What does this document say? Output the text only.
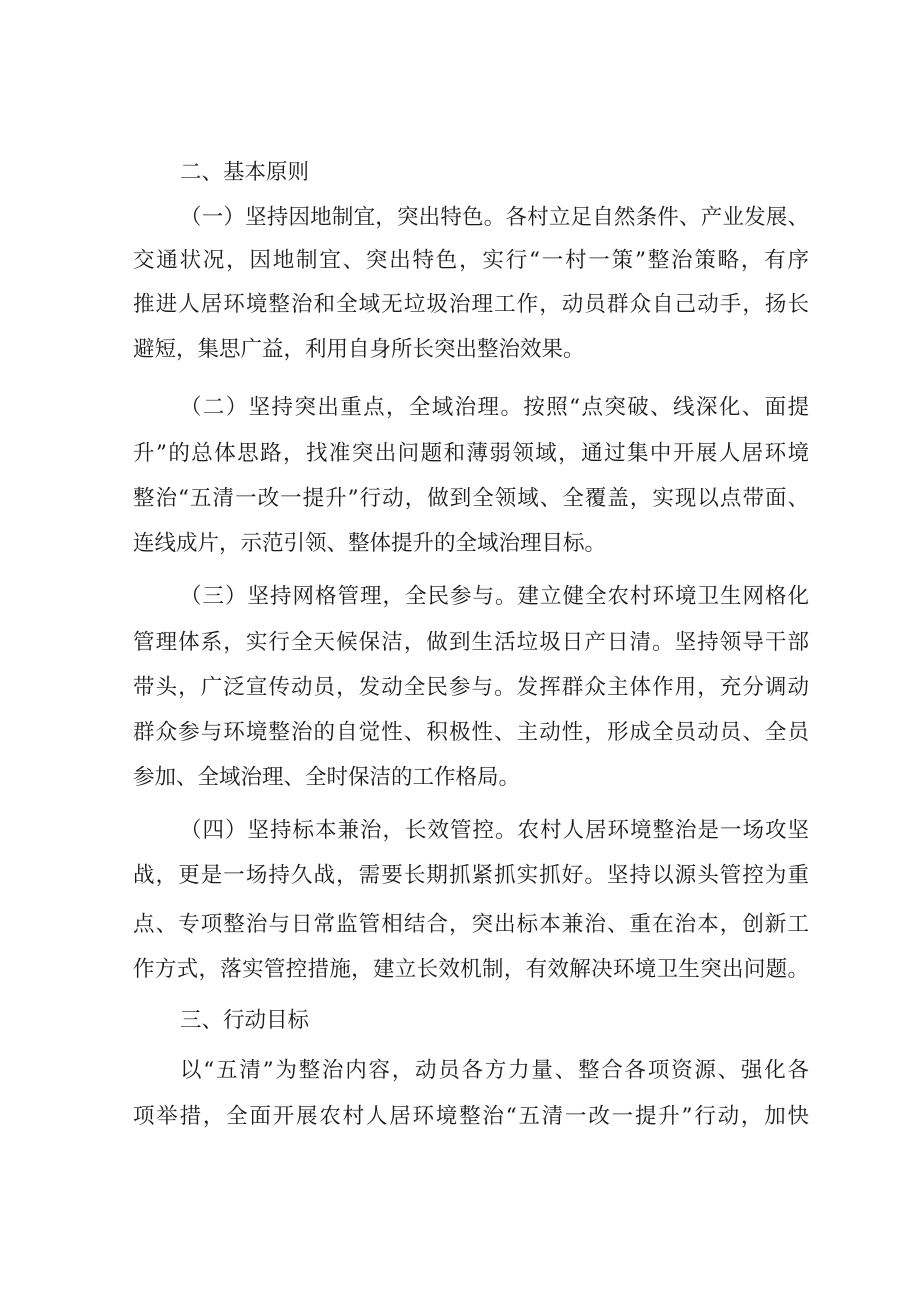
二、基本原则
（一）坚持因地制宜，突出特色。各村立足自然条件、产业发展、
交通状况，因地制宜、突出特色，实行“一村一策”整治策略，有序
推进人居环境整治和全域无垃圾治理工作，动员群众自己动手，扬长
避短，集思广益，利用自身所长突出整治效果。
（二）坚持突出重点，全域治理。按照“点突破、线深化、面提
升”的总体思路，找准突出问题和薄弱领域，通过集中开展人居环境
整治“五清一改一提升”行动，做到全领域、全覆盖，实现以点带面、
连线成片，示范引领、整体提升的全域治理目标。
（三）坚持网格管理，全民参与。建立健全农村环境卫生网格化
管理体系，实行全天候保洁，做到生活垃圾日产日清。坚持领导干部
带头，广泛宣传动员，发动全民参与。发挥群众主体作用，充分调动
群众参与环境整治的自觉性、积极性、主动性，形成全员动员、全员
参加、全域治理、全时保洁的工作格局。
（四）坚持标本兼治，长效管控。农村人居环境整治是一场攻坚
战，更是一场持久战，需要长期抓紧抓实抓好。坚持以源头管控为重
点、专项整治与日常监管相结合，突出标本兼治、重在治本，创新工
作方式，落实管控措施，建立长效机制，有效解决环境卫生突出问题。
三、行动目标
以“五清”为整治内容，动员各方力量、整合各项资源、强化各
项举措，全面开展农村人居环境整治“五清一改一提升”行动，加快
